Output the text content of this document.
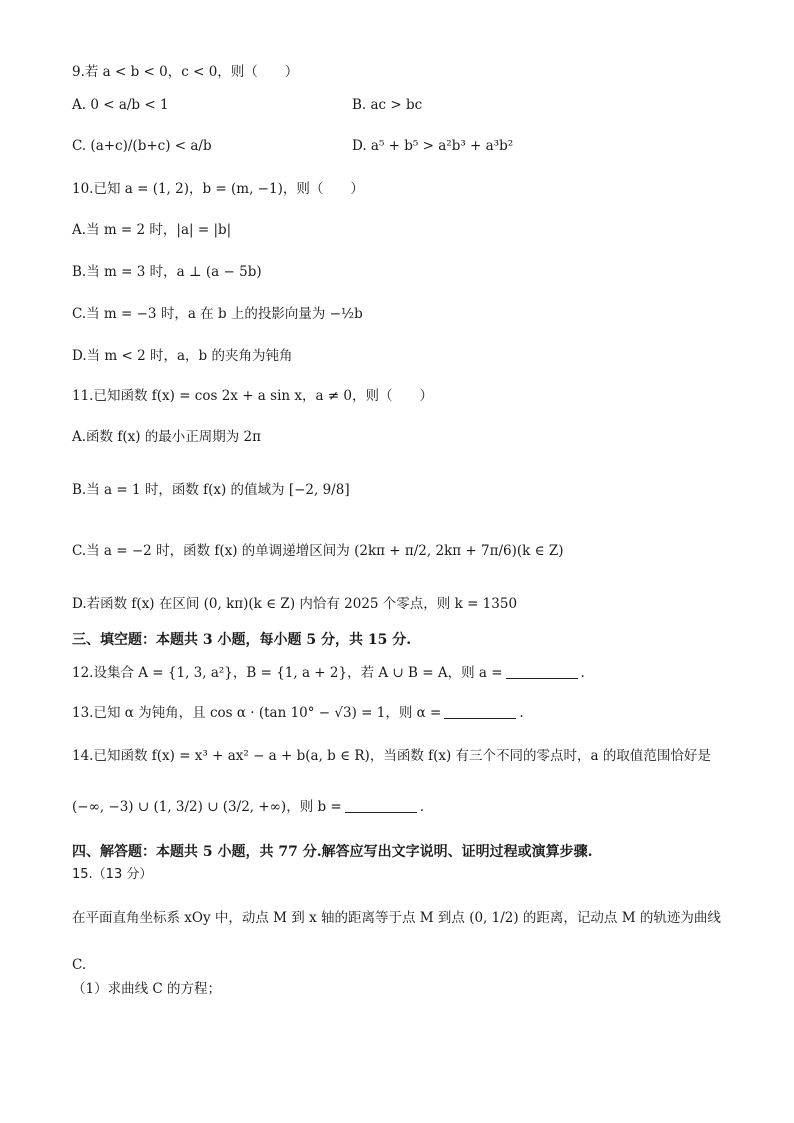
9.若 a < b < 0，c < 0，则（　　）
A. 0 < a/b < 1	B. ac > bc
C. (a+c)/(b+c) < a/b	D. a⁵ + b⁵ > a²b³ + a³b²
10.已知 a = (1, 2)，b = (m, −1)，则（　　）
A.当 m = 2 时，|a| = |b|
B.当 m = 3 时，a ⊥ (a − 5b)
C.当 m = −3 时，a 在 b 上的投影向量为 −½b
D.当 m < 2 时，a，b 的夹角为钝角
11.已知函数 f(x) = cos 2x + a sin x，a ≠ 0，则（　　）
A.函数 f(x) 的最小正周期为 2π
B.当 a = 1 时，函数 f(x) 的值域为 [−2, 9/8]
C.当 a = −2 时，函数 f(x) 的单调递增区间为 (2kπ + π/2, 2kπ + 7π/6)(k ∈ Z)
D.若函数 f(x) 在区间 (0, kπ)(k ∈ Z) 内恰有 2025 个零点，则 k = 1350
三、填空题：本题共 3 小题，每小题 5 分，共 15 分.
12.设集合 A = {1, 3, a²}，B = {1, a + 2}，若 A ∪ B = A，则 a =	.
13.已知 α 为钝角，且 cos α · (tan 10° − √3) = 1，则 α =	.
14.已知函数 f(x) = x³ + ax² − a + b(a, b ∈ R)，当函数 f(x) 有三个不同的零点时，a 的取值范围恰好是
(−∞, −3) ∪ (1, 3/2) ∪ (3/2, +∞)，则 b =	.
四、解答题：本题共 5 小题，共 77 分.解答应写出文字说明、证明过程或演算步骤.
15.（13 分）
在平面直角坐标系 xOy 中，动点 M 到 x 轴的距离等于点 M 到点 (0, 1/2) 的距离，记动点 M 的轨迹为曲线
C.
（1）求曲线 C 的方程；
